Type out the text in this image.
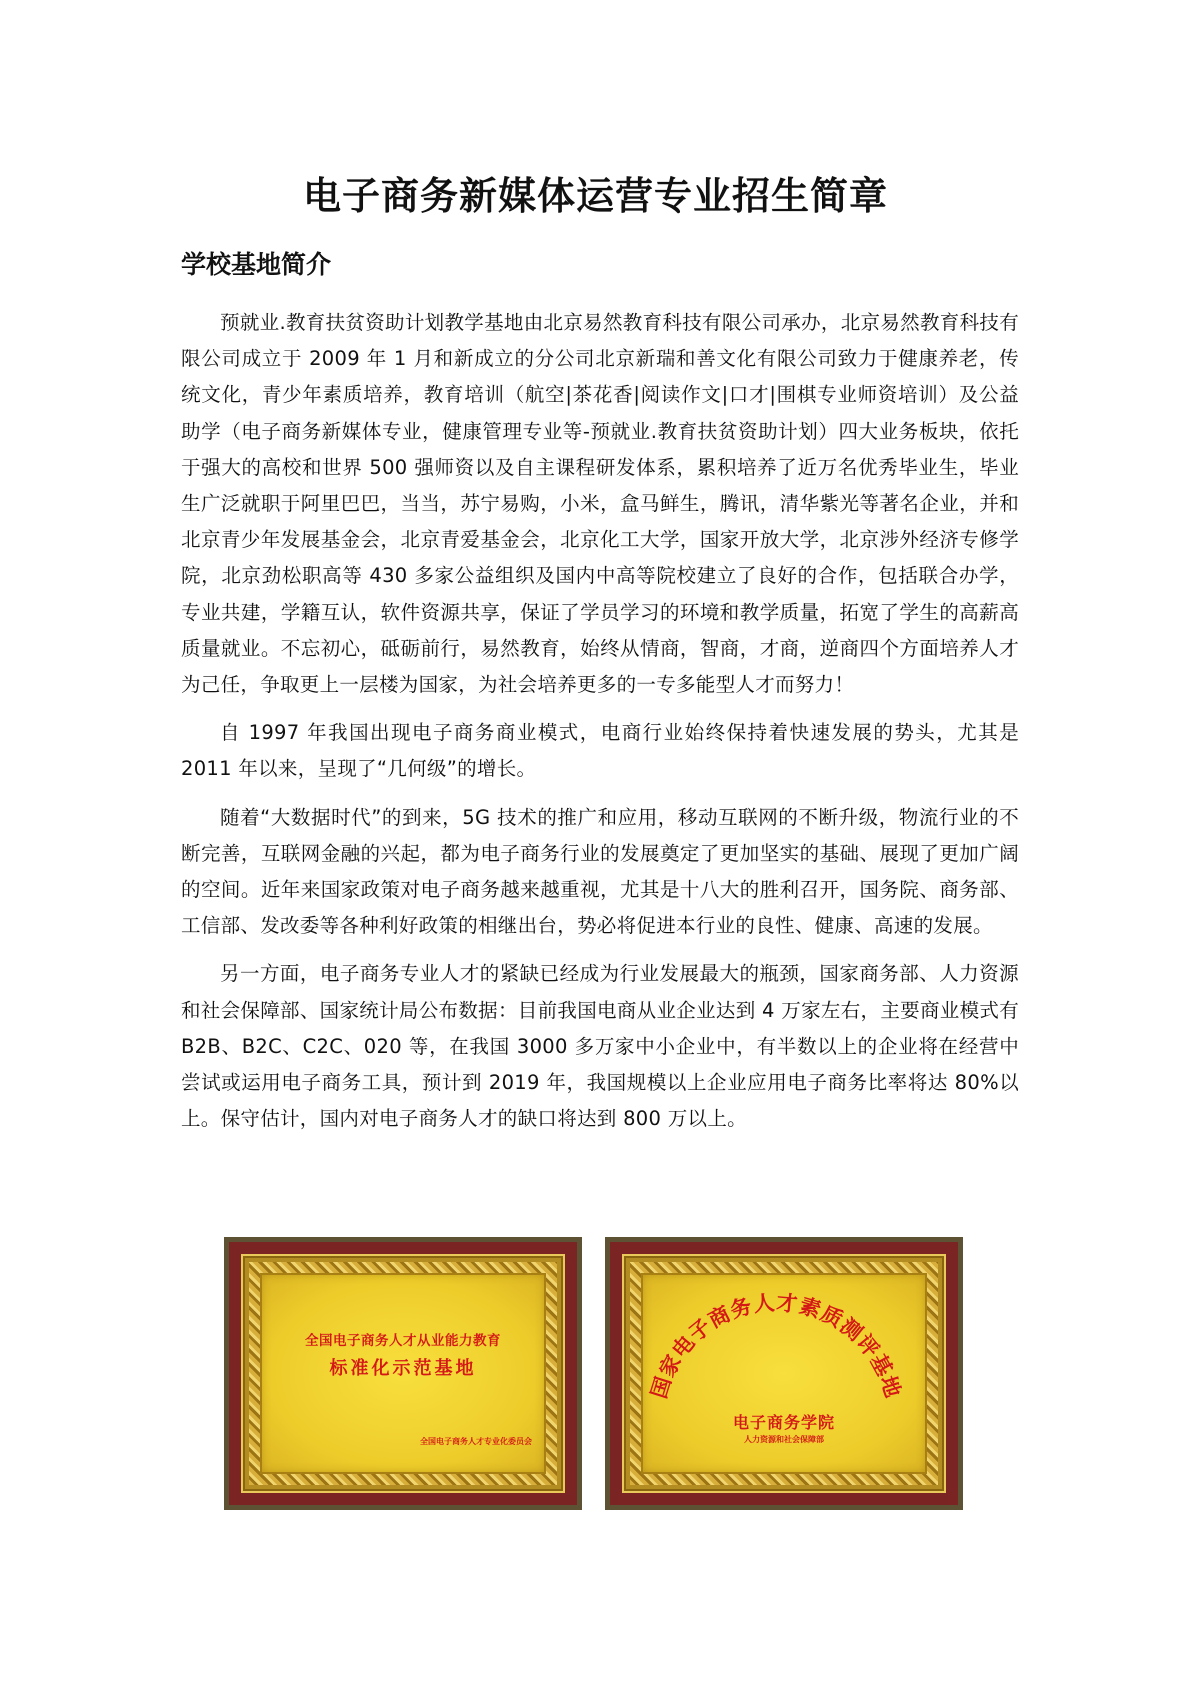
电子商务新媒体运营专业招生简章
学校基地简介

预就业.教育扶贫资助计划教学基地由北京易然教育科技有限公司承办，北京易然教育科技有限公司成立于 2009 年 1 月和新成立的分公司北京新瑞和善文化有限公司致力于健康养老，传统文化，青少年素质培养，教育培训（航空|茶花香|阅读作文|口才|围棋专业师资培训）及公益助学（电子商务新媒体专业，健康管理专业等-预就业.教育扶贫资助计划）四大业务板块，依托于强大的高校和世界 500 强师资以及自主课程研发体系，累积培养了近万名优秀毕业生，毕业生广泛就职于阿里巴巴，当当，苏宁易购，小米，盒马鲜生，腾讯，清华紫光等著名企业，并和北京青少年发展基金会，北京青爱基金会，北京化工大学，国家开放大学，北京涉外经济专修学院，北京劲松职高等 430 多家公益组织及国内中高等院校建立了良好的合作，包括联合办学，专业共建，学籍互认，软件资源共享，保证了学员学习的环境和教学质量，拓宽了学生的高薪高质量就业。不忘初心，砥砺前行，易然教育，始终从情商，智商，才商，逆商四个方面培养人才为己任，争取更上一层楼为国家，为社会培养更多的一专多能型人才而努力！

自 1997 年我国出现电子商务商业模式，电商行业始终保持着快速发展的势头，尤其是 2011 年以来，呈现了“几何级”的增长。

随着“大数据时代”的到来，5G 技术的推广和应用，移动互联网的不断升级，物流行业的不断完善，互联网金融的兴起，都为电子商务行业的发展奠定了更加坚实的基础、展现了更加广阔的空间。近年来国家政策对电子商务越来越重视，尤其是十八大的胜利召开，国务院、商务部、工信部、发改委等各种利好政策的相继出台，势必将促进本行业的良性、健康、高速的发展。

另一方面，电子商务专业人才的紧缺已经成为行业发展最大的瓶颈，国家商务部、人力资源和社会保障部、国家统计局公布数据：目前我国电商从业企业达到 4 万家左右，主要商业模式有 B2B、B2C、C2C、020 等，在我国 3000 多万家中小企业中，有半数以上的企业将在经营中尝试或运用电子商务工具，预计到 2019 年，我国规模以上企业应用电子商务比率将达 80%以上。保守估计，国内对电子商务人才的缺口将达到 800 万以上。

全国电子商务人才从业能力教育
标准化示范基地
全国电子商务人才专业化委员会
国家电子商务人才素质测评基地
电子商务学院
人力资源和社会保障部
